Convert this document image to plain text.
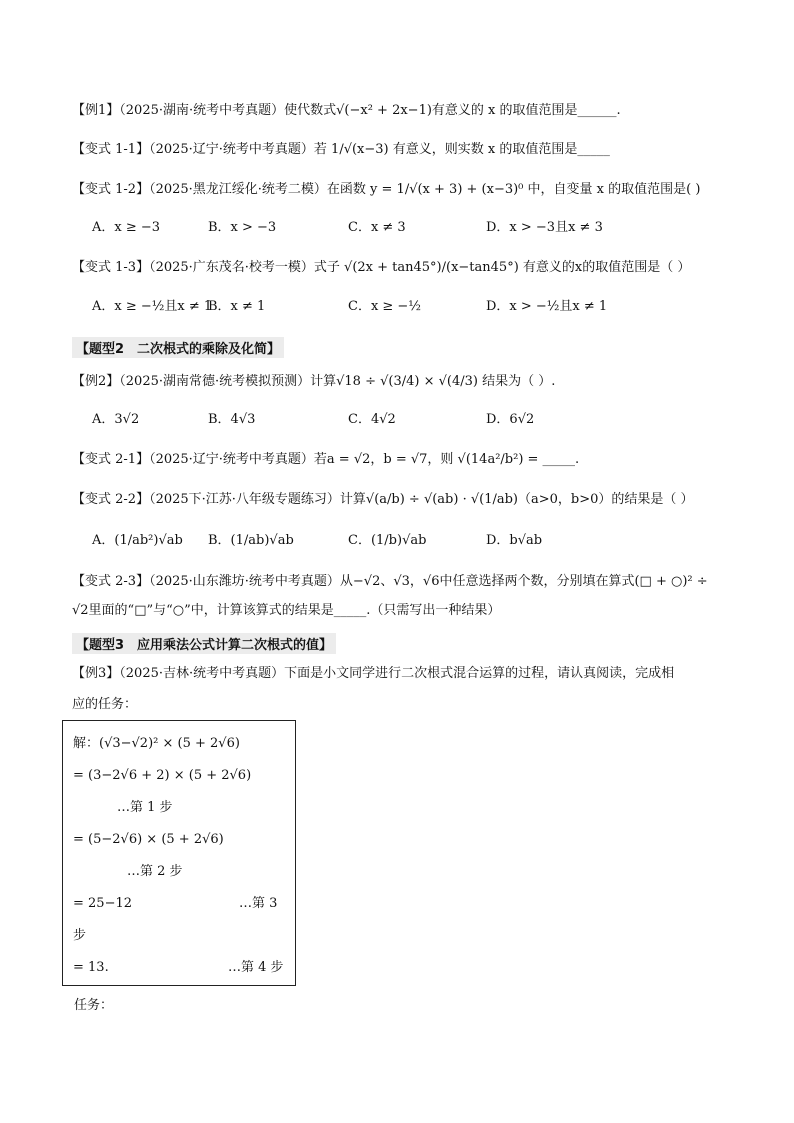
【例1】（2025·湖南·统考中考真题）使代数式√(−x² + 2x−1)有意义的 x 的取值范围是______.
【变式 1-1】（2025·辽宁·统考中考真题）若 1/√(x−3) 有意义，则实数 x 的取值范围是_____
【变式 1-2】（2025·黑龙江绥化·统考二模）在函数 y = 1/√(x + 3) + (x−3)⁰ 中，自变量 x 的取值范围是( )
A．x ≥ −3	B．x > −3	C．x ≠ 3	D．x > −3且x ≠ 3
【变式 1-3】（2025·广东茂名·校考一模）式子 √(2x + tan45°)/(x−tan45°) 有意义的x的取值范围是（ ）
A．x ≥ −½且x ≠ 1
B．x ≠ 1	C．x ≥ −½	D．x > −½且x ≠ 1
【题型2　二次根式的乘除及化简】
【例2】（2025·湖南常德·统考模拟预测）计算√18 ÷ √(3/4) × √(4/3) 结果为（ ）.
A．3√2	B．4√3	C．4√2	D．6√2
【变式 2-1】（2025·辽宁·统考中考真题）若a = √2，b = √7，则 √(14a²/b²) = _____.
【变式 2-2】（2025下·江苏·八年级专题练习）计算√(a/b) ÷ √(ab) · √(1/ab)（a>0，b>0）的结果是（ ）
A．(1/ab²)√ab B．(1/ab)√ab	C．(1/b)√ab	D．b√ab
【变式 2-3】（2025·山东潍坊·统考中考真题）从−√2、√3，√6中任意选择两个数，分别填在算式(□ + ○)² ÷
√2里面的“□”与“○”中，计算该算式的结果是_____.（只需写出一种结果）
【题型3　应用乘法公式计算二次根式的值】
【例3】（2025·吉林·统考中考真题）下面是小文同学进行二次根式混合运算的过程，请认真阅读，完成相
应的任务：
解：(√3−√2)² × (5 + 2√6)
= (3−2√6 + 2) × (5 + 2√6)
…第 1 步
= (5−2√6) × (5 + 2√6)
…第 2 步
= 25−12	…第 3
步
= 13.	…第 4 步
任务：
